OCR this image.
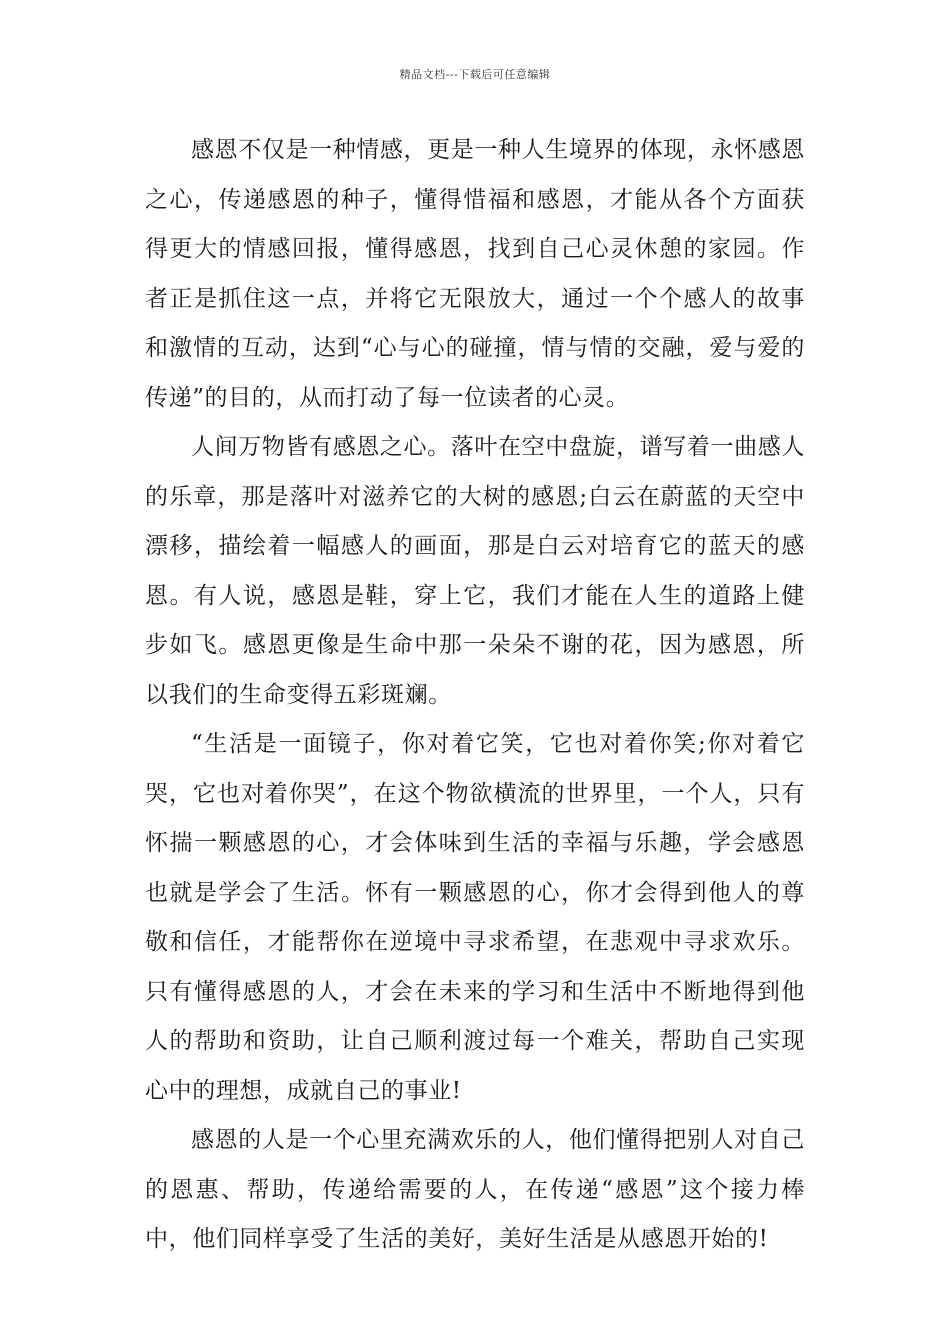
精品文档---下载后可任意编辑

感恩不仅是一种情感，更是一种人生境界的体现，永怀感恩之心，传递感恩的种子，懂得惜福和感恩，才能从各个方面获得更大的情感回报，懂得感恩，找到自己心灵休憩的家园。作者正是抓住这一点，并将它无限放大，通过一个个感人的故事和激情的互动，达到“心与心的碰撞，情与情的交融，爱与爱的传递”的目的，从而打动了每一位读者的心灵。

人间万物皆有感恩之心。落叶在空中盘旋，谱写着一曲感人的乐章，那是落叶对滋养它的大树的感恩;白云在蔚蓝的天空中漂移，描绘着一幅感人的画面，那是白云对培育它的蓝天的感恩。有人说，感恩是鞋，穿上它，我们才能在人生的道路上健步如飞。感恩更像是生命中那一朵朵不谢的花，因为感恩，所以我们的生命变得五彩斑斓。

“生活是一面镜子，你对着它笑，它也对着你笑;你对着它哭，它也对着你哭”，在这个物欲横流的世界里，一个人，只有怀揣一颗感恩的心，才会体味到生活的幸福与乐趣，学会感恩也就是学会了生活。怀有一颗感恩的心，你才会得到他人的尊敬和信任，才能帮你在逆境中寻求希望，在悲观中寻求欢乐。只有懂得感恩的人，才会在未来的学习和生活中不断地得到他人的帮助和资助，让自己顺利渡过每一个难关，帮助自己实现心中的理想，成就自己的事业!

感恩的人是一个心里充满欢乐的人，他们懂得把别人对自己的恩惠、帮助，传递给需要的人，在传递“感恩”这个接力棒中，他们同样享受了生活的美好，美好生活是从感恩开始的!
